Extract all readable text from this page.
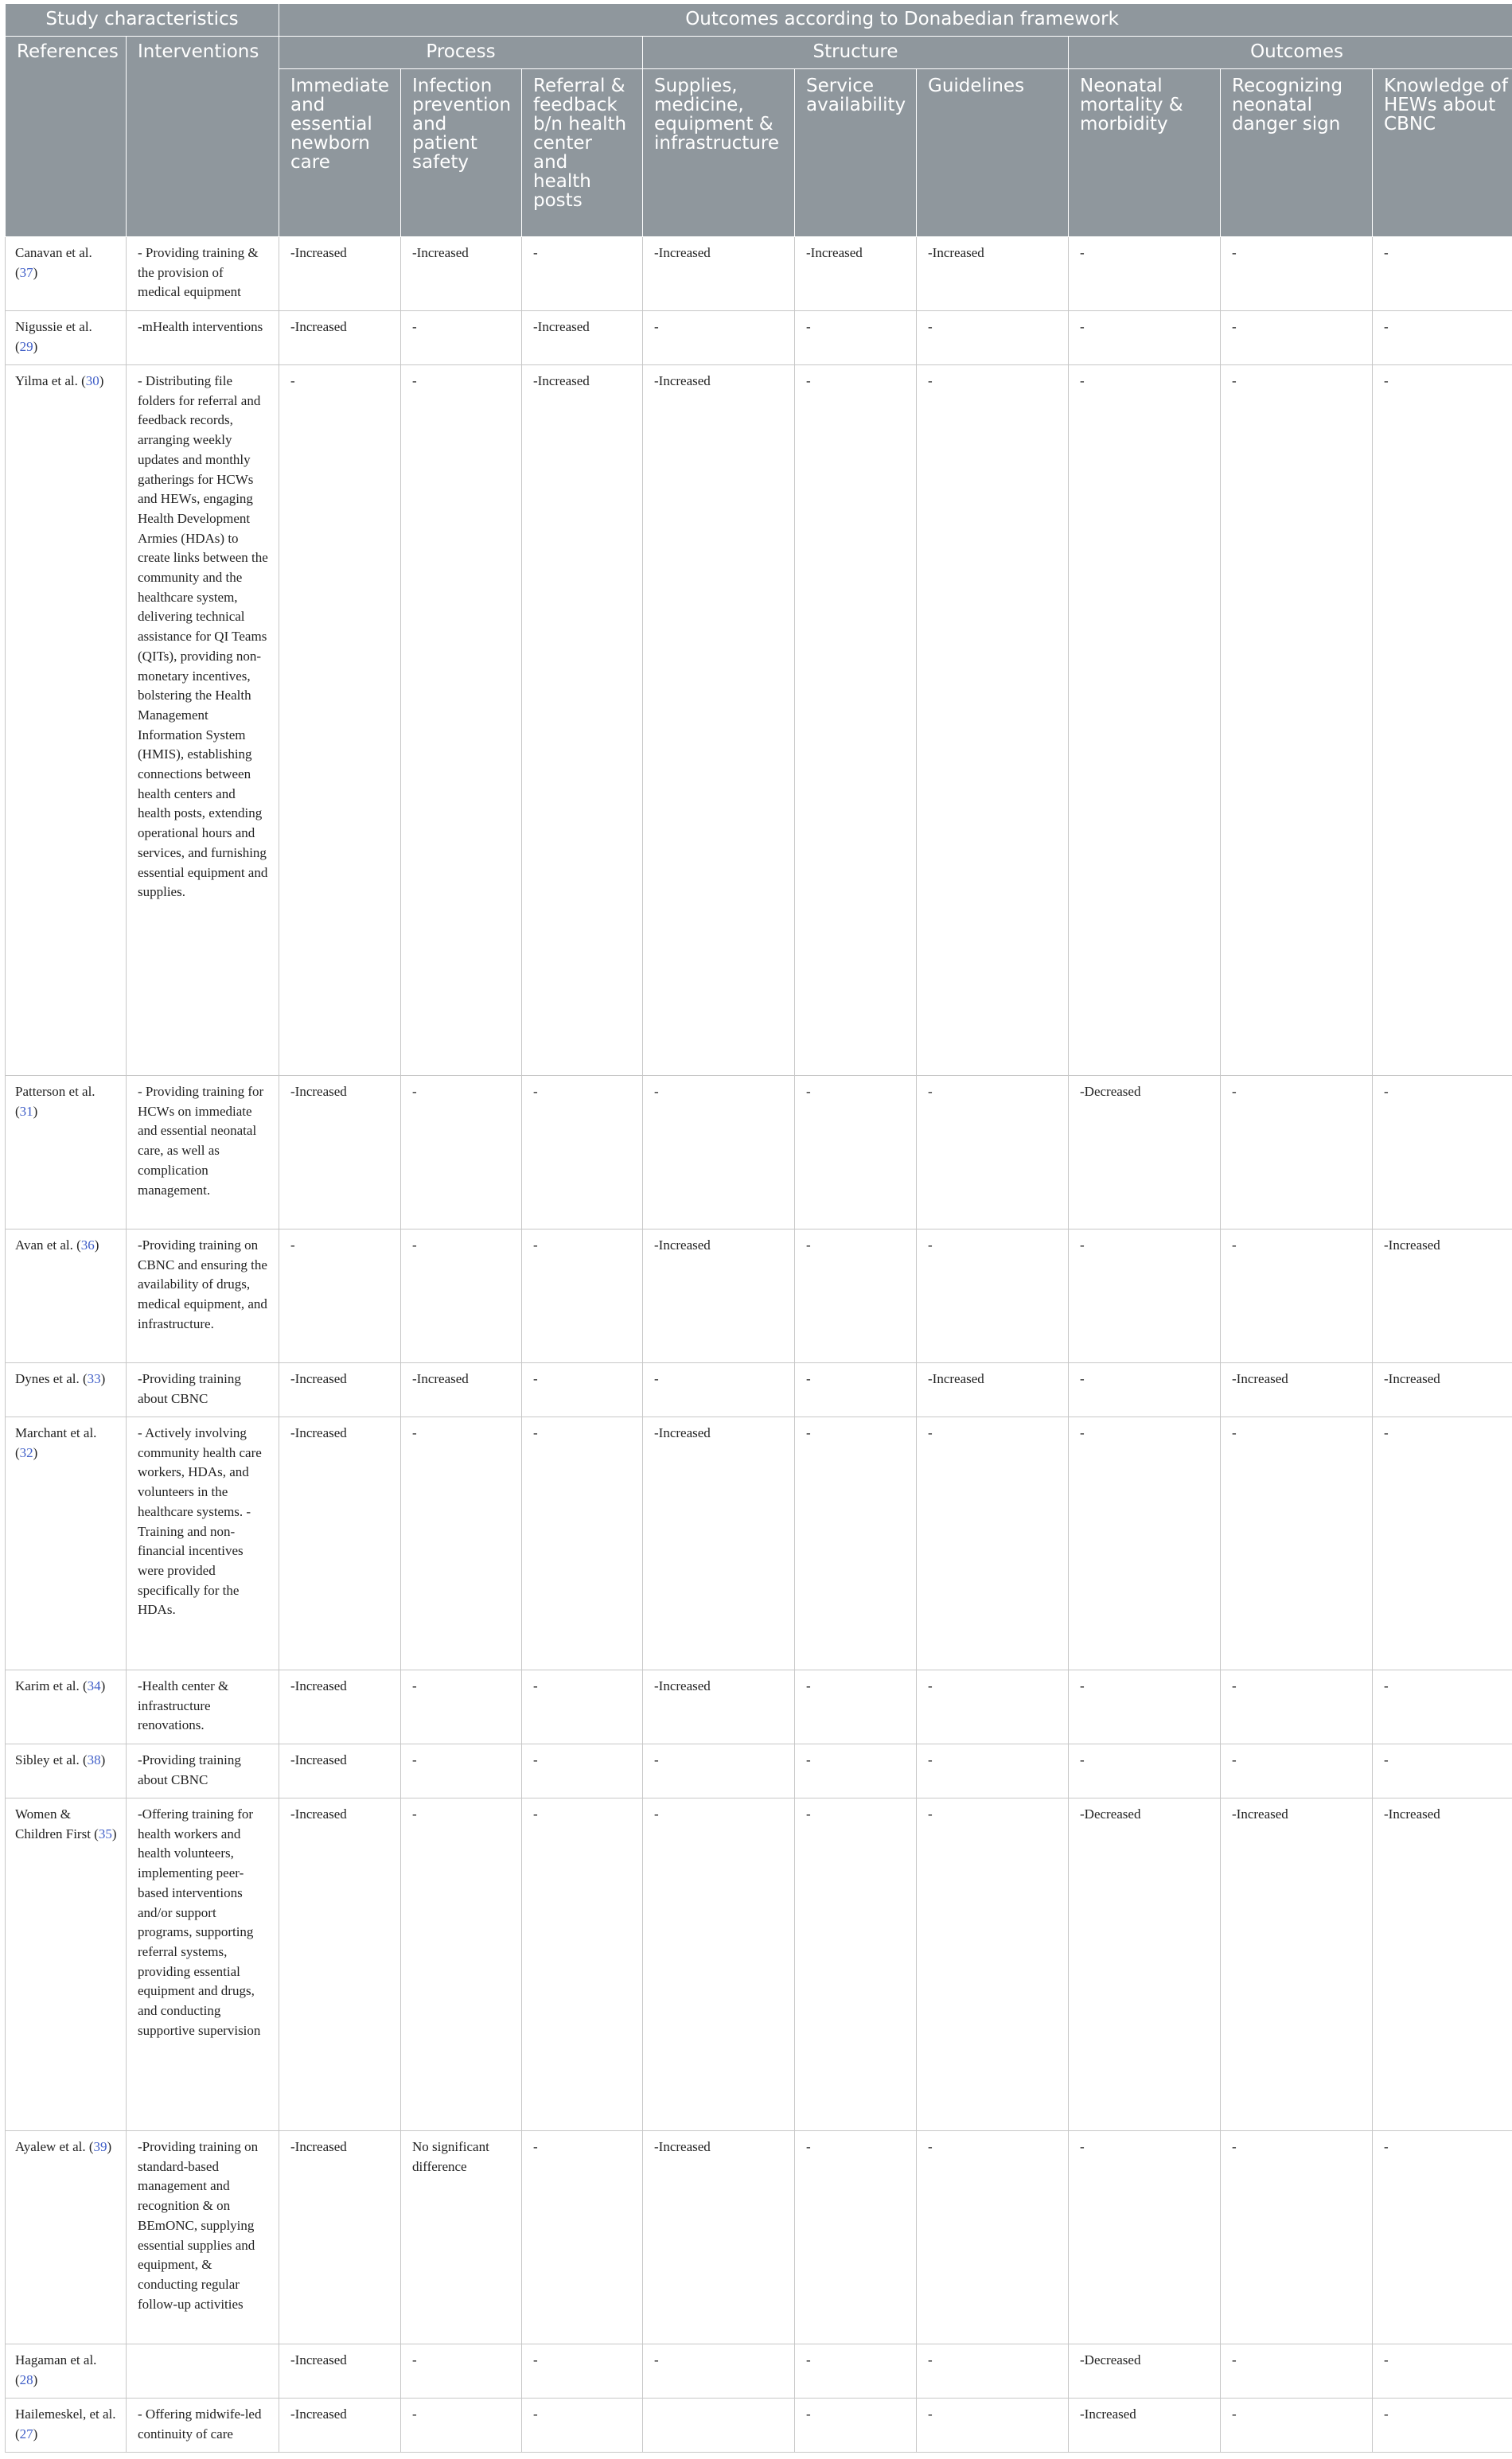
Study characteristics		Outcomes according to Donabedian framework								
References	Interventions	Process			Structure			Outcomes		
		Immediate and essential newborn care	Infection prevention and patient safety	Referral & feedback b/n health center and health posts	Supplies, medicine, equipment & infrastructure	Service availability	Guidelines	Neonatal mortality & morbidity	Recognizing neonatal danger sign	Knowledge of HEWs about CBNC
Canavan et al. (37)	- Providing training & the provision of medical equipment	-Increased	-Increased	-	-Increased	-Increased	-Increased	-	-	-
Nigussie et al. (29)	-mHealth interventions	-Increased	-	-Increased	-	-	-	-	-	-
Yilma et al. (30)	- Distributing file folders for referral and feedback records, arranging weekly updates and monthly gatherings for HCWs and HEWs, engaging Health Development Armies (HDAs) to create links between the community and the healthcare system, delivering technical assistance for QI Teams (QITs), providing non-monetary incentives, bolstering the Health Management Information System (HMIS), establishing connections between health centers and health posts, extending operational hours and services, and furnishing essential equipment and supplies.	-	-	-Increased	-Increased	-	-	-	-	-
Patterson et al. (31)	- Providing training for HCWs on immediate and essential neonatal care, as well as complication management.	-Increased	-	-	-	-	-	-Decreased	-	-
Avan et al. (36)	-Providing training on CBNC and ensuring the availability of drugs, medical equipment, and infrastructure.	-	-	-	-Increased	-	-	-	-	-Increased
Dynes et al. (33)	-Providing training about CBNC	-Increased	-Increased	-	-	-	-Increased	-	-Increased	-Increased
Marchant et al. (32)	- Actively involving community health care workers, HDAs, and volunteers in the healthcare systems. -Training and non-financial incentives were provided specifically for the HDAs.	-Increased	-	-	-Increased	-	-	-	-	-
Karim et al. (34)	-Health center & infrastructure renovations.	-Increased	-	-	-Increased	-	-	-	-	-
Sibley et al. (38)	-Providing training about CBNC	-Increased	-	-	-	-	-	-	-	-
Women & Children First (35)	-Offering training for health workers and health volunteers, implementing peer-based interventions and/or support programs, supporting referral systems, providing essential equipment and drugs, and conducting supportive supervision	-Increased	-	-	-	-	-	-Decreased	-Increased	-Increased
Ayalew et al. (39)	-Providing training on standard-based management and recognition & on BEmONC, supplying essential supplies and equipment, & conducting regular follow-up activities	-Increased	No significant difference	-	-Increased	-	-	-	-	-
Hagaman et al. (28)		-Increased	-	-	-	-	-	-Decreased	-	-
Hailemeskel, et al. (27)	- Offering midwife-led continuity of care	-Increased	-	-		-	-	-Increased	-	-
